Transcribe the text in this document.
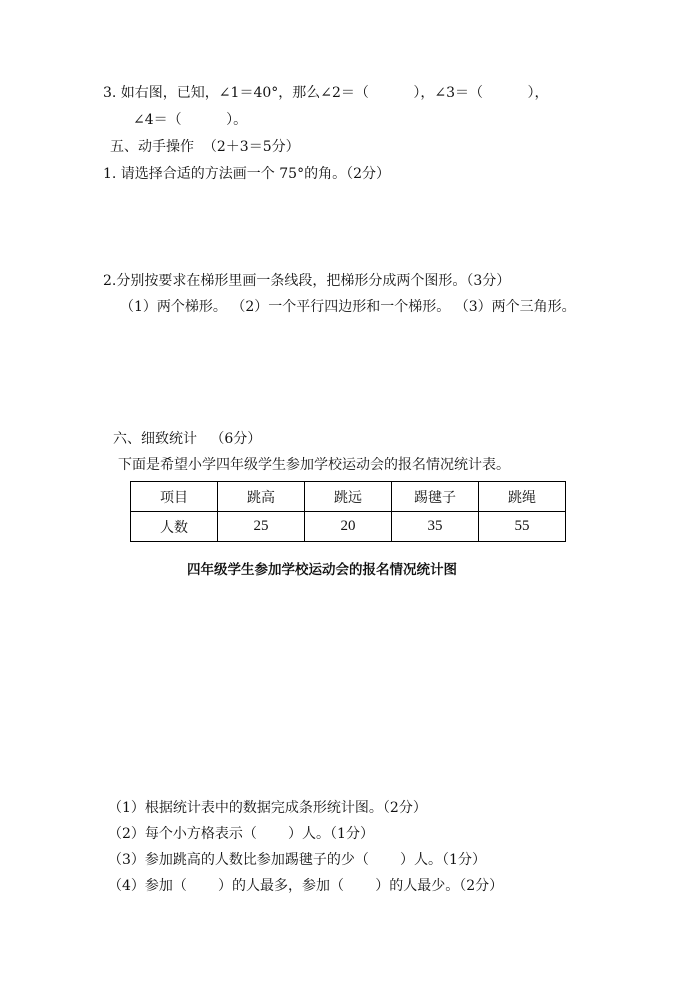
3. 如右图，已知，∠1＝40°，那么∠2＝（          ），∠3＝（          ），
∠4＝（          ）。
五、动手操作  （2＋3＝5分）
1. 请选择合适的方法画一个 75°的角。（2分）
2.分别按要求在梯形里画一条线段，把梯形分成两个图形。（3分）
（1）两个梯形。 （2）一个平行四边形和一个梯形。 （3）两个三角形。
六、细致统计   （6分）
下面是希望小学四年级学生参加学校运动会的报名情况统计表。
项目	跳高	跳远	踢毽子	跳绳
人数	25	20	35	55
四年级学生参加学校运动会的报名情况统计图
（1）根据统计表中的数据完成条形统计图。（2分）
（2）每个小方格表示（       ）人。（1分）
（3）参加跳高的人数比参加踢毽子的少（       ）人。（1分）
（4）参加（       ）的人最多，参加（       ）的人最少。（2分）
